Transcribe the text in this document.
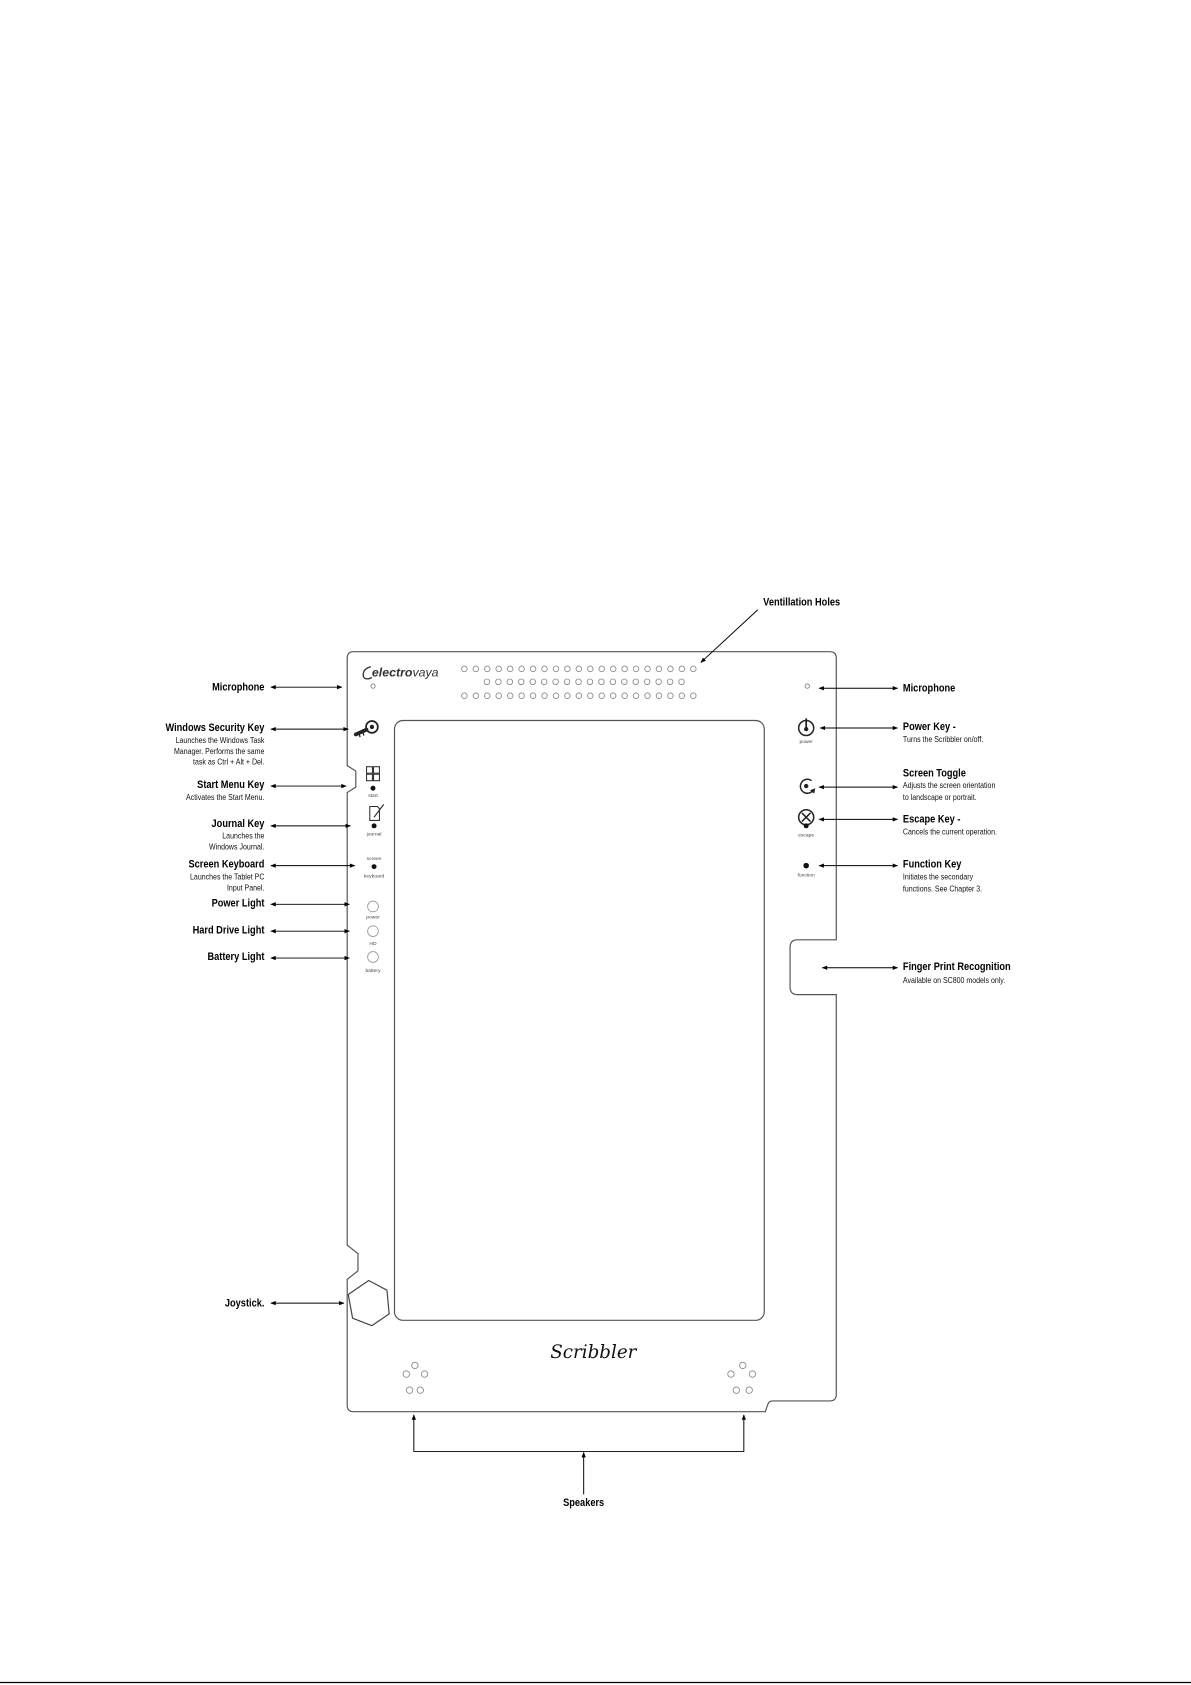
electrovaya
start
journal
screen
keyboard
power
HD
battery
power
escape
function
Scribbler
Ventillation Holes
Speakers
Microphone
Windows Security Key
Launches the Windows Task
Manager. Performs the same
task as Ctrl + Alt + Del.
Start Menu Key
Activates the Start Menu.
Journal Key
Launches the
Windows Journal.
Screen Keyboard
Launches the Tablet PC
Input Panel.
Power Light
Hard Drive Light
Battery Light
Joystick.
Microphone
Power Key -
Turns the Scribbler on/off.
Screen Toggle
Adjusts the screen orientation
to landscape or portrait.
Escape Key -
Cancels the current operation.
Function Key
Initiates the secondary
functions. See Chapter 3.
Finger Print Recognition
Available on SC800 models only.
